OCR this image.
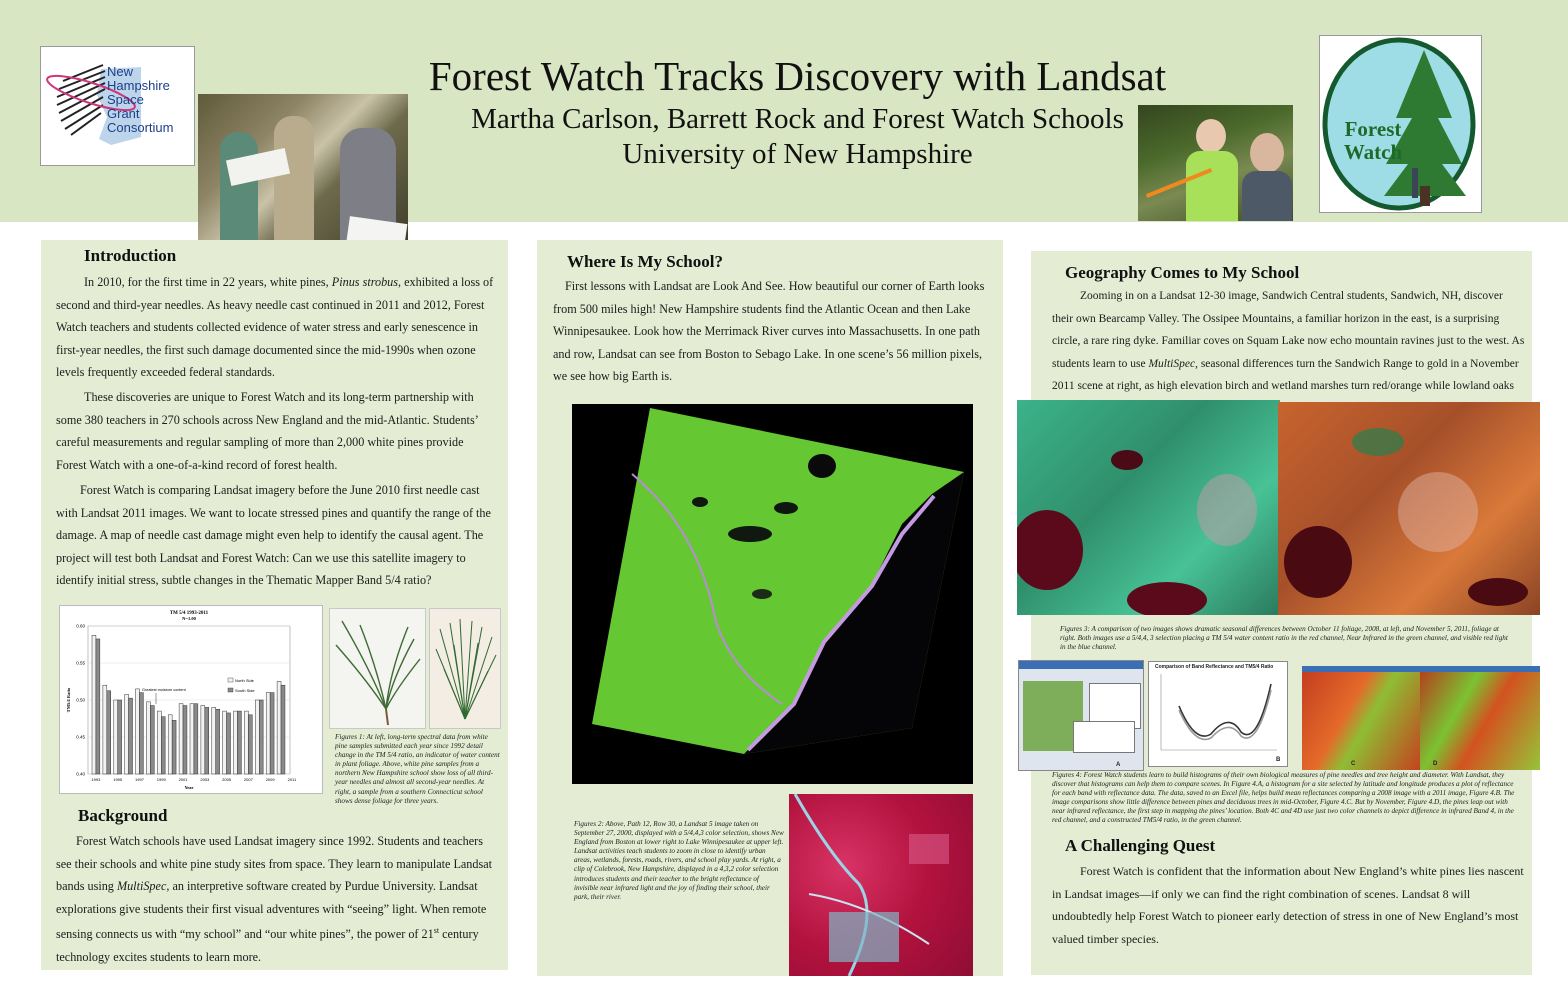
New
Hampshire
Space
Grant
Consortium
Forest Watch Tracks Discovery with Landsat
Martha Carlson, Barrett Rock and Forest Watch Schools
University of New Hampshire
Forest
Watch
Introduction
In 2010, for the first time in 22 years, white pines, Pinus strobus, exhibited a loss of second and third-year needles. As heavy needle cast continued in 2011 and 2012, Forest Watch teachers and students collected evidence of water stress and early senescence in first-year needles, the first such damage documented since the mid-1990s when ozone levels frequently exceeded federal standards.
These discoveries are unique to Forest Watch and its long-term partnership with some 380 teachers in 270 schools across New England and the mid-Atlantic. Students’ careful measurements and regular sampling of more than 2,000 white pines provide Forest Watch with a one-of-a-kind record of forest health.
Forest Watch is comparing Landsat imagery before the June 2010 first needle cast with Landsat 2011 images. We want to locate stressed pines and quantify the range of the damage. A map of needle cast damage might even help to identify the causal agent. The project will test both Landsat and Forest Watch: Can we use this satellite imagery to identify initial stress, subtle changes in the Thematic Mapper Band 5/4 ratio?
TM 5/4 1993-2011
N=1.00
0.40
0.45
0.50
0.55
0.60
1993	1995	1997	1999	2001	2003	2005	2007	2009	2011
Year
TM5/4 Ratio	Greatest moisture content
North Side
South Side
Figures 1: At left, long-term spectral data from white pine samples submitted each year since 1992 detail change in the TM 5/4 ratio, an indicator of water content in plant foliage. Above, white pine samples from a northern New Hampshire school show loss of all third-year needles and almost all second-year needles. At right, a sample from a southern Connecticut school shows dense foliage for three years.
Background
Forest Watch schools have used Landsat imagery since 1992. Students and teachers see their schools and white pine study sites from space. They learn to manipulate Landsat bands using MultiSpec, an interpretive software created by Purdue University. Landsat explorations give students their first visual adventures with “seeing” light. When remote sensing connects us with “my school” and “our white pines”, the power of 21st century technology excites students to learn more.
Where Is My School?
First lessons with Landsat are Look And See. How beautiful our corner of Earth looks from 500 miles high! New Hampshire students find the Atlantic Ocean and then Lake Winnipesaukee. Look how the Merrimack River curves into Massachusetts. In one path and row, Landsat can see from Boston to Sebago Lake. In one scene’s 56 million pixels, we see how big Earth is.
Figures 2: Above, Path 12, Row 30, a Landsat 5 image taken on September 27, 2000, displayed with a 5/4,4,3 color selection, shows New England from Boston at lower right to Lake Winnipesaukee at upper left. Landsat activities teach students to zoom in close to identify urban areas, wetlands, forests, roads, rivers, and school play yards. At right, a clip of Colebrook, New Hampshire, displayed in a 4,3,2 color selection introduces students and their teacher to the bright reflectance of invisible near infrared light and the joy of finding their school, their park, their river.
Geography Comes to My School
Zooming in on a Landsat 12-30 image, Sandwich Central students, Sandwich, NH, discover their own Bearcamp Valley. The Ossipee Mountains, a familiar horizon in the east, is a surprising circle, a rare ring dyke. Familiar coves on Squam Lake now echo mountain ravines just to the west. As students learn to use MultiSpec, seasonal differences turn the Sandwich Range to gold in a November 2011 scene at right, as high elevation birch and wetland marshes turn red/orange while lowland oaks
Figures 3: A comparison of two images shows dramatic seasonal differences between October 11 foliage, 2008, at left, and November 5, 2011, foliage at right. Both images use a 5/4,4, 3 selection placing a TM 5/4 water content ratio in the red channel, Near Infrared in the green channel, and visible red light in the blue channel.
A
Comparison of Band Reflectance and TM5/4 Ratio
B
C	D
Figures 4: Forest Watch students learn to build histograms of their own biological measures of pine needles and tree height and diameter. With Landsat, they discover that histograms can help them to compare scenes. In Figure 4.A, a histogram for a site selected by latitude and longitude produces a plot of reflectance for each band with reflectance data. The data, saved to an Excel file, helps build mean reflectances comparing a 2008 image with a 2011 image, Figure 4.B. The image comparisons show little difference between pines and deciduous trees in mid-October, Figure 4.C. But by November, Figure 4.D, the pines leap out with near infrared reflectance, the first step in mapping the pines’ location. Both 4C and 4D use just two color channels to depict difference in infrared Band 4, in the red channel, and a constructed TM5/4 ratio, in the green channel.
A Challenging Quest
Forest Watch is confident that the information about New England’s white pines lies nascent in Landsat images—if only we can find the right combination of scenes. Landsat 8 will undoubtedly help Forest Watch to pioneer early detection of stress in one of New England’s most valued timber species.
